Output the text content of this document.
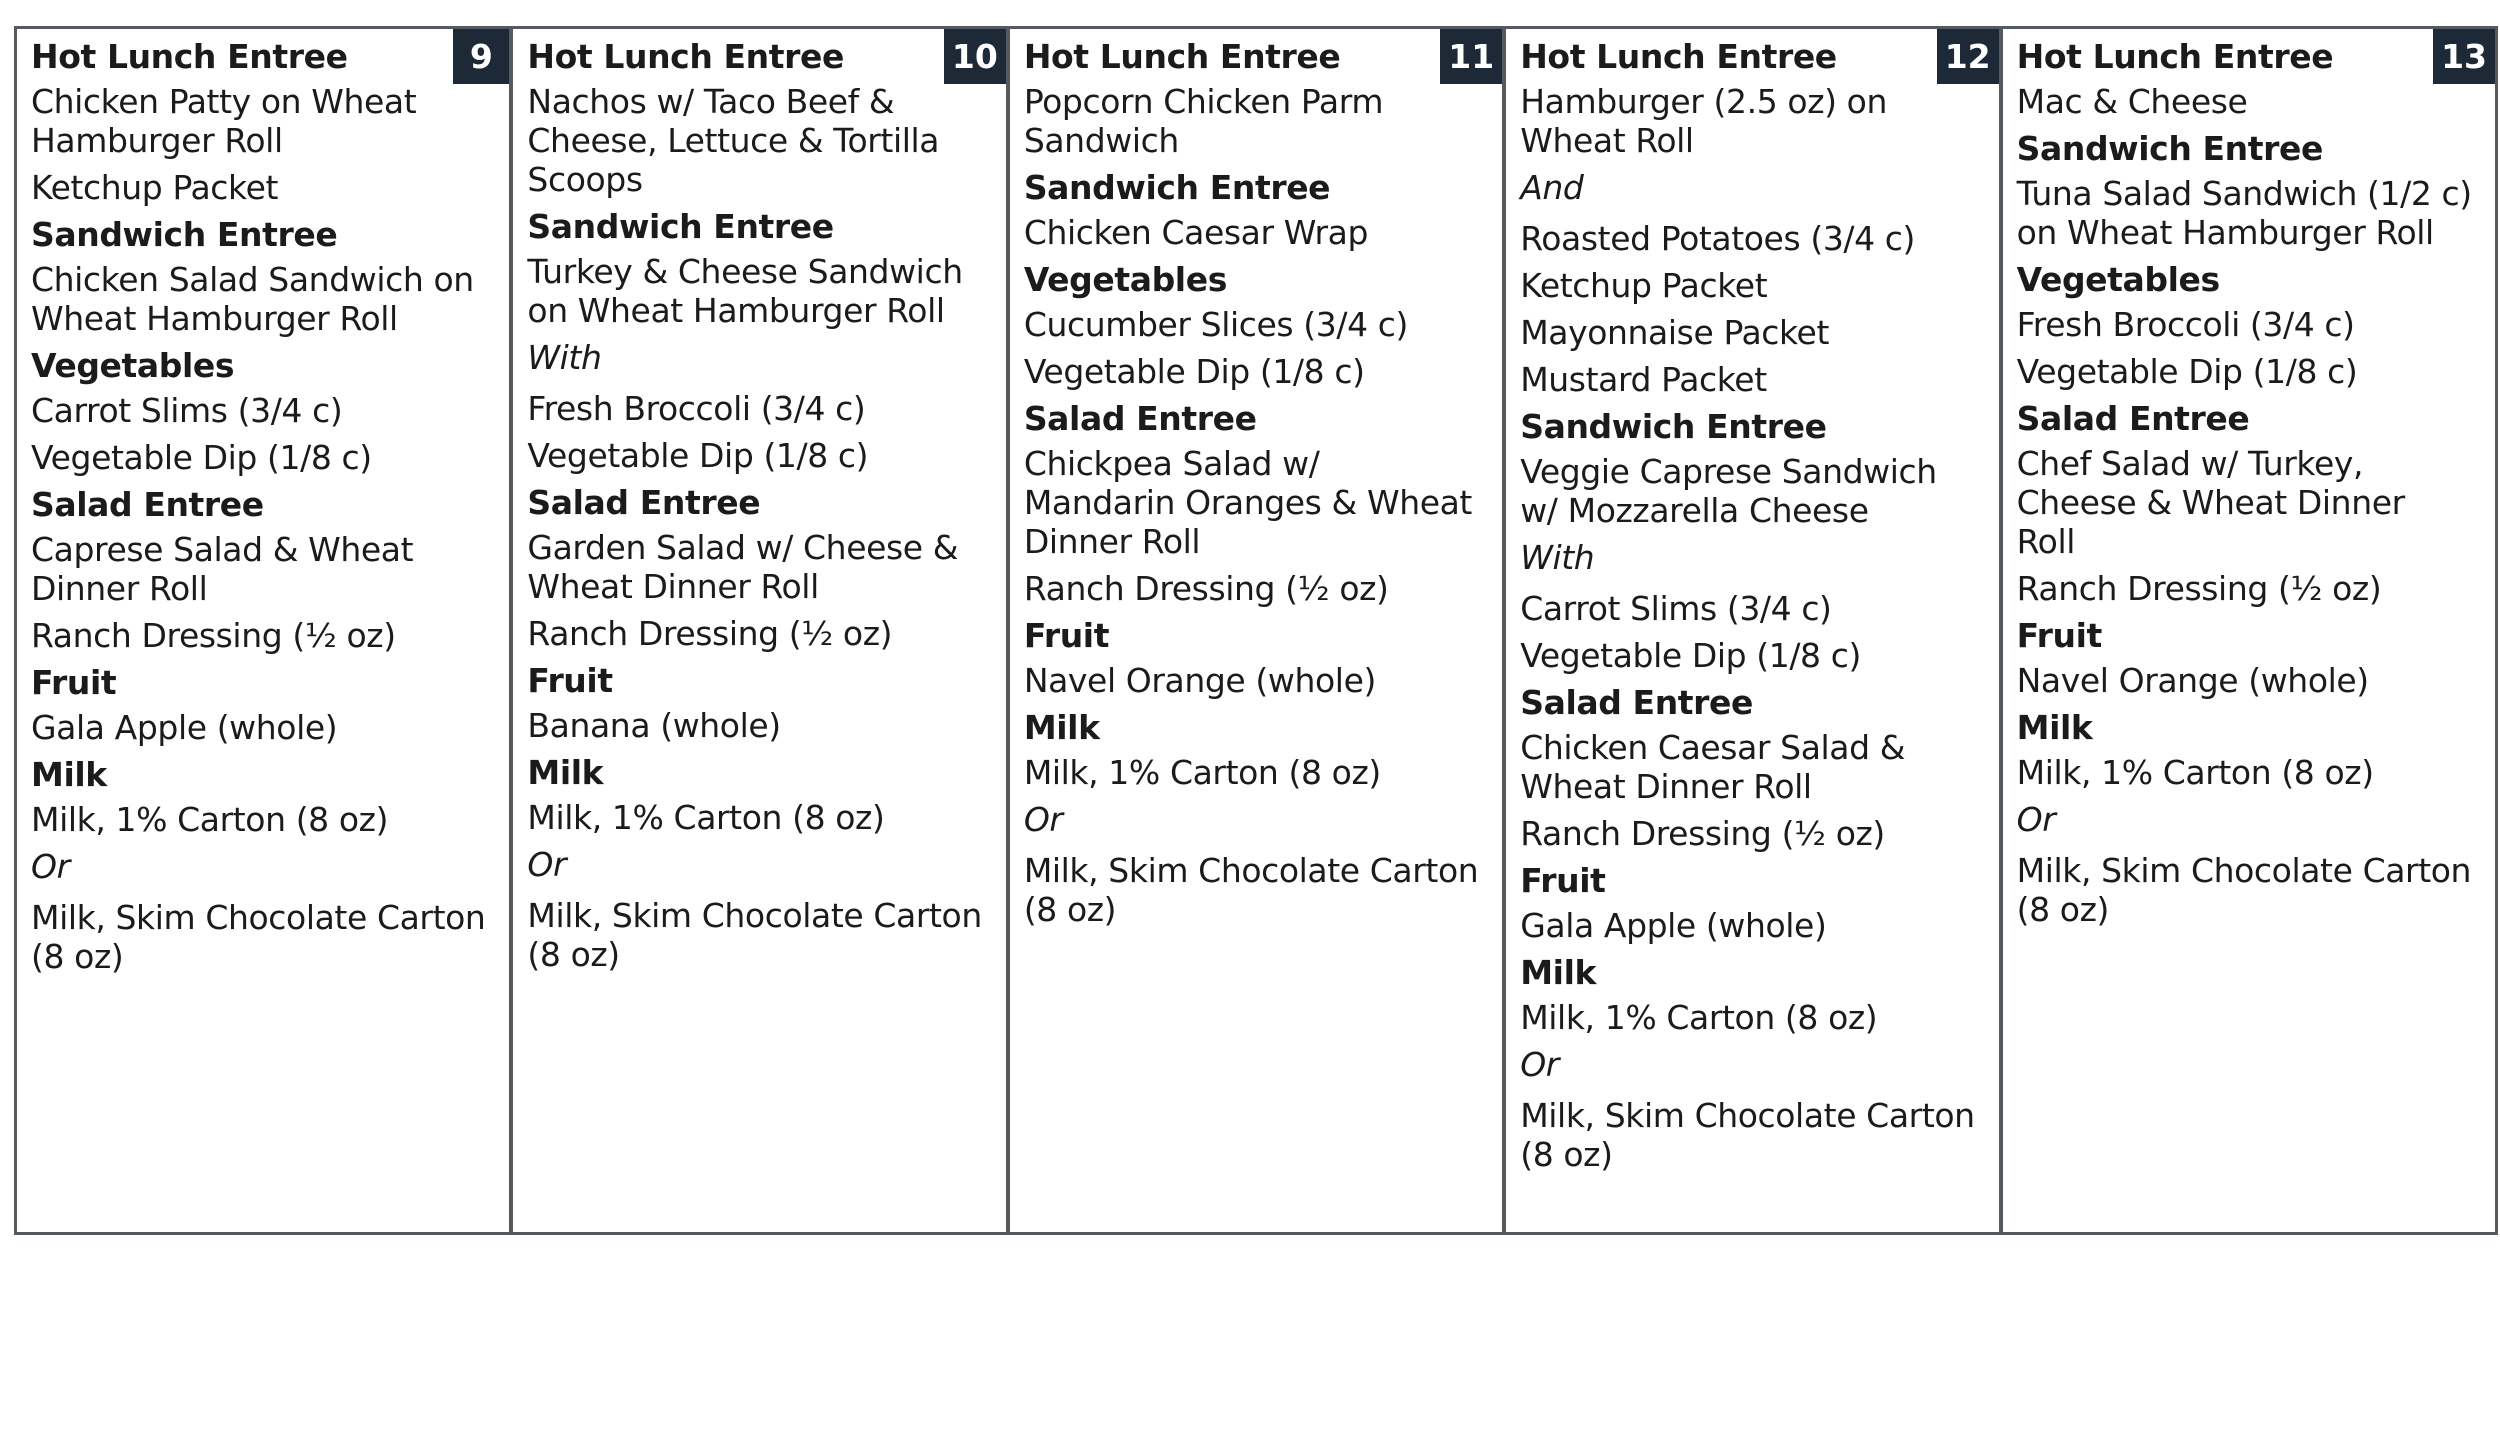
9
Hot Lunch Entree
Chicken Patty on Wheat Hamburger Roll
Ketchup Packet
Sandwich Entree
Chicken Salad Sandwich on Wheat Hamburger Roll
Vegetables
Carrot Slims (3/4 c)
Vegetable Dip (1/8 c)
Salad Entree
Caprese Salad & Wheat Dinner Roll
Ranch Dressing (½ oz)
Fruit
Gala Apple (whole)
Milk
Milk, 1% Carton (8 oz)
Or
Milk, Skim Chocolate Carton (8 oz)
10
Hot Lunch Entree
Nachos w/ Taco Beef & Cheese, Lettuce & Tortilla Scoops
Sandwich Entree
Turkey & Cheese Sandwich on Wheat Hamburger Roll
With
Fresh Broccoli (3/4 c)
Vegetable Dip (1/8 c)
Salad Entree
Garden Salad w/ Cheese & Wheat Dinner Roll
Ranch Dressing (½ oz)
Fruit
Banana (whole)
Milk
Milk, 1% Carton (8 oz)
Or
Milk, Skim Chocolate Carton (8 oz)
11
Hot Lunch Entree
Popcorn Chicken Parm Sandwich
Sandwich Entree
Chicken Caesar Wrap
Vegetables
Cucumber Slices (3/4 c)
Vegetable Dip (1/8 c)
Salad Entree
Chickpea Salad w/ Mandarin Oranges & Wheat Dinner Roll
Ranch Dressing (½ oz)
Fruit
Navel Orange (whole)
Milk
Milk, 1% Carton (8 oz)
Or
Milk, Skim Chocolate Carton (8 oz)
12
Hot Lunch Entree
Hamburger (2.5 oz) on Wheat Roll
And
Roasted Potatoes (3/4 c)
Ketchup Packet
Mayonnaise Packet
Mustard Packet
Sandwich Entree
Veggie Caprese Sandwich w/ Mozzarella Cheese
With
Carrot Slims (3/4 c)
Vegetable Dip (1/8 c)
Salad Entree
Chicken Caesar Salad & Wheat Dinner Roll
Ranch Dressing (½ oz)
Fruit
Gala Apple (whole)
Milk
Milk, 1% Carton (8 oz)
Or
Milk, Skim Chocolate Carton (8 oz)
13
Hot Lunch Entree
Mac & Cheese
Sandwich Entree
Tuna Salad Sandwich (1/2 c) on Wheat Hamburger Roll
Vegetables
Fresh Broccoli (3/4 c)
Vegetable Dip (1/8 c)
Salad Entree
Chef Salad w/ Turkey, Cheese & Wheat Dinner Roll
Ranch Dressing (½ oz)
Fruit
Navel Orange (whole)
Milk
Milk, 1% Carton (8 oz)
Or
Milk, Skim Chocolate Carton (8 oz)
